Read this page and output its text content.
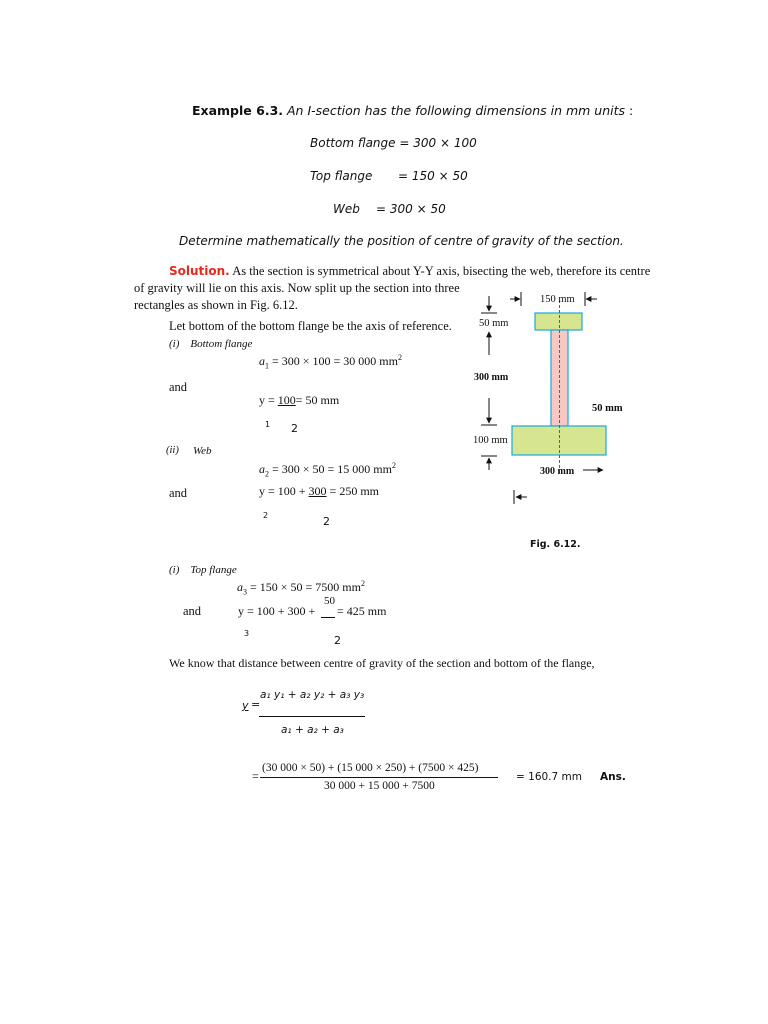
Example 6.3. An I-section has the following dimensions in mm units :
Bottom flange = 300 × 100
Top flange = 150 × 50
Web = 300 × 50
Determine mathematically the position of centre of gravity of the section.
Solution. As the section is symmetrical about Y-Y axis, bisecting the web, therefore its centre
of gravity will lie on this axis. Now split up the section into three
rectangles as shown in Fig. 6.12.
Let bottom of the bottom flange be the axis of reference.
(i) Bottom flange
$a_1 = 300 \times 100 = 30$ 000 $mm^2$
and
y = 100= 50 mm
1 2
(ii) Web
$a_2 = 300 \times 50 = 15$ 000 $mm^2$
and	y = 100 + 300 = 250 mm
2	2
(i) Top flange
$a_3 = 150 \times 50 = 7500$ $mm^2$
50
and	y = 100 + 300 + = 425 mm
3
2
We know that distance between centre of gravity of the section and bottom of the flange,
y =
a₁ y₁ + a₂ y₂ + a₃ y₃
a₁ + a₂ + a₃
=
(30 000 × 50) + (15 000 × 250) + (7500 × 425)
30 000 + 15 000 + 7500
= 160.7 mm Ans.
150 mm
50 mm
300 mm
50 mm
100 mm
300 mm
Fig. 6.12.
